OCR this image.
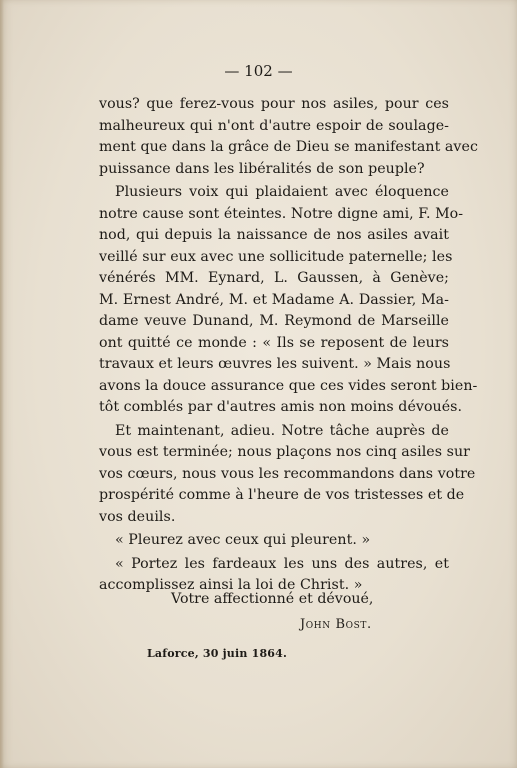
— 102 —
vous? que ferez-vous pour nos asiles, pour ces
malheureux qui n'ont d'autre espoir de soulage-
ment que dans la grâce de Dieu se manifestant avec
puissance dans les libéralités de son peuple?
Plusieurs voix qui plaidaient avec éloquence
notre cause sont éteintes. Notre digne ami, F. Mo-
nod, qui depuis la naissance de nos asiles avait
veillé sur eux avec une sollicitude paternelle; les
vénérés MM. Eynard, L. Gaussen, à Genève;
M. Ernest André, M. et Madame A. Dassier, Ma-
dame veuve Dunand, M. Reymond de Marseille
ont quitté ce monde : « Ils se reposent de leurs
travaux et leurs œuvres les suivent. » Mais nous
avons la douce assurance que ces vides seront bien-
tôt comblés par d'autres amis non moins dévoués.
Et maintenant, adieu. Notre tâche auprès de
vous est terminée; nous plaçons nos cinq asiles sur
vos cœurs, nous vous les recommandons dans votre
prospérité comme à l'heure de vos tristesses et de
vos deuils.
« Pleurez avec ceux qui pleurent. »
« Portez les fardeaux les uns des autres, et
accomplissez ainsi la loi de Christ. »
Votre affectionné et dévoué,
John Bost.
Laforce, 30 juin 1864.
